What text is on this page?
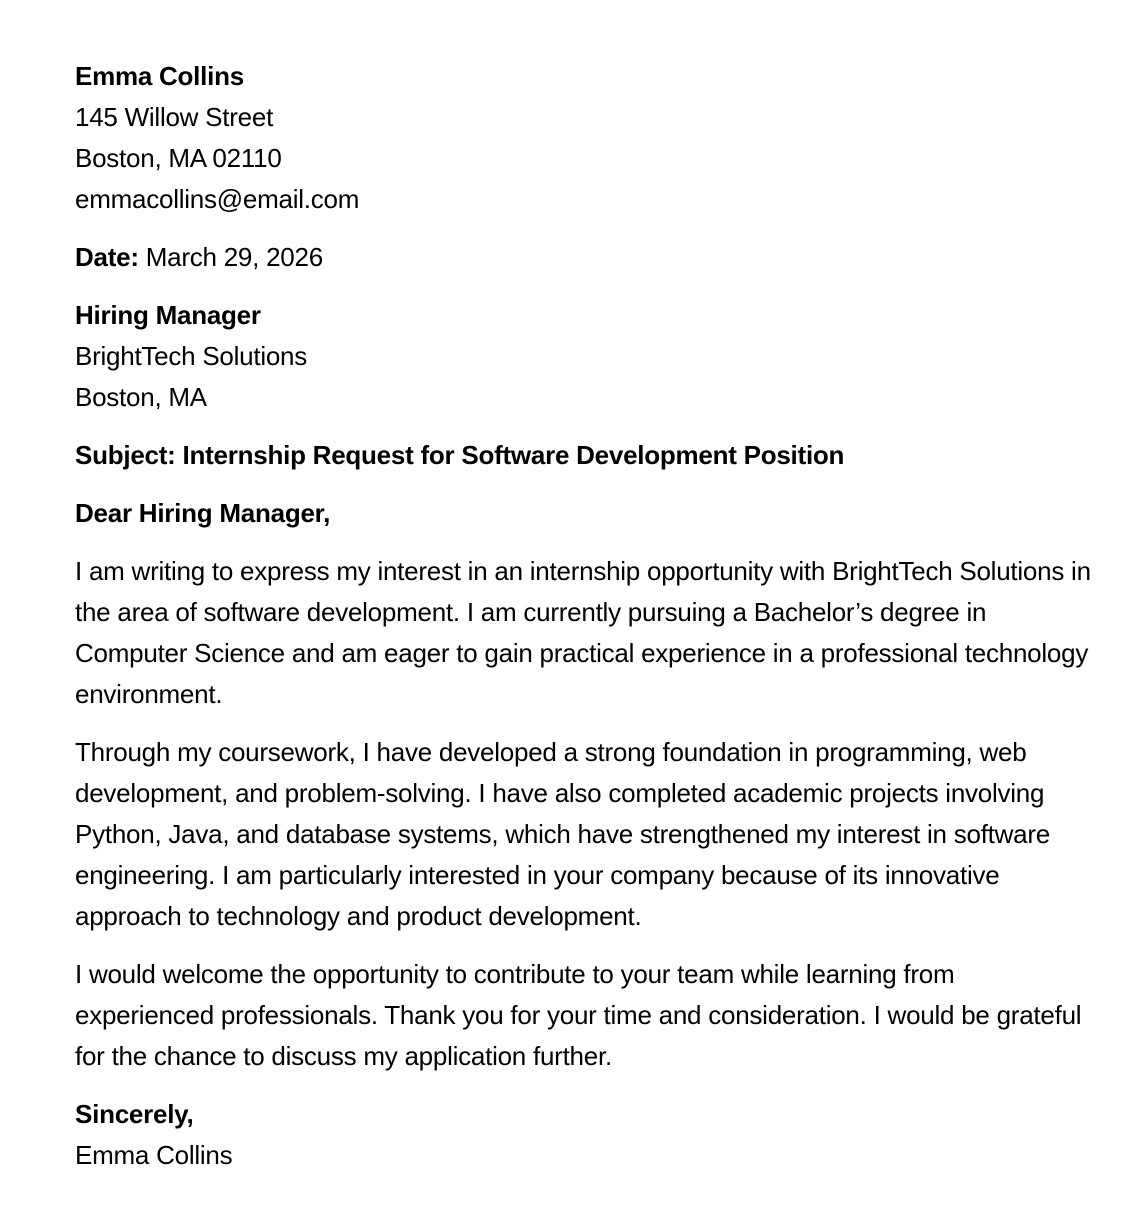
Emma Collins

145 Willow Street

Boston, MA 02110

emmacollins@email.com

Date: March 29, 2026

Hiring Manager

BrightTech Solutions

Boston, MA

Subject: Internship Request for Software Development Position

Dear Hiring Manager,

I am writing to express my interest in an internship opportunity with BrightTech Solutions in the area of software development. I am currently pursuing a Bachelor’s degree in Computer Science and am eager to gain practical experience in a professional technology environment.

Through my coursework, I have developed a strong foundation in programming, web development, and problem-solving. I have also completed academic projects involving Python, Java, and database systems, which have strengthened my interest in software engineering. I am particularly interested in your company because of its innovative approach to technology and product development.

I would welcome the opportunity to contribute to your team while learning from experienced professionals. Thank you for your time and consideration. I would be grateful for the chance to discuss my application further.

Sincerely,

Emma Collins
